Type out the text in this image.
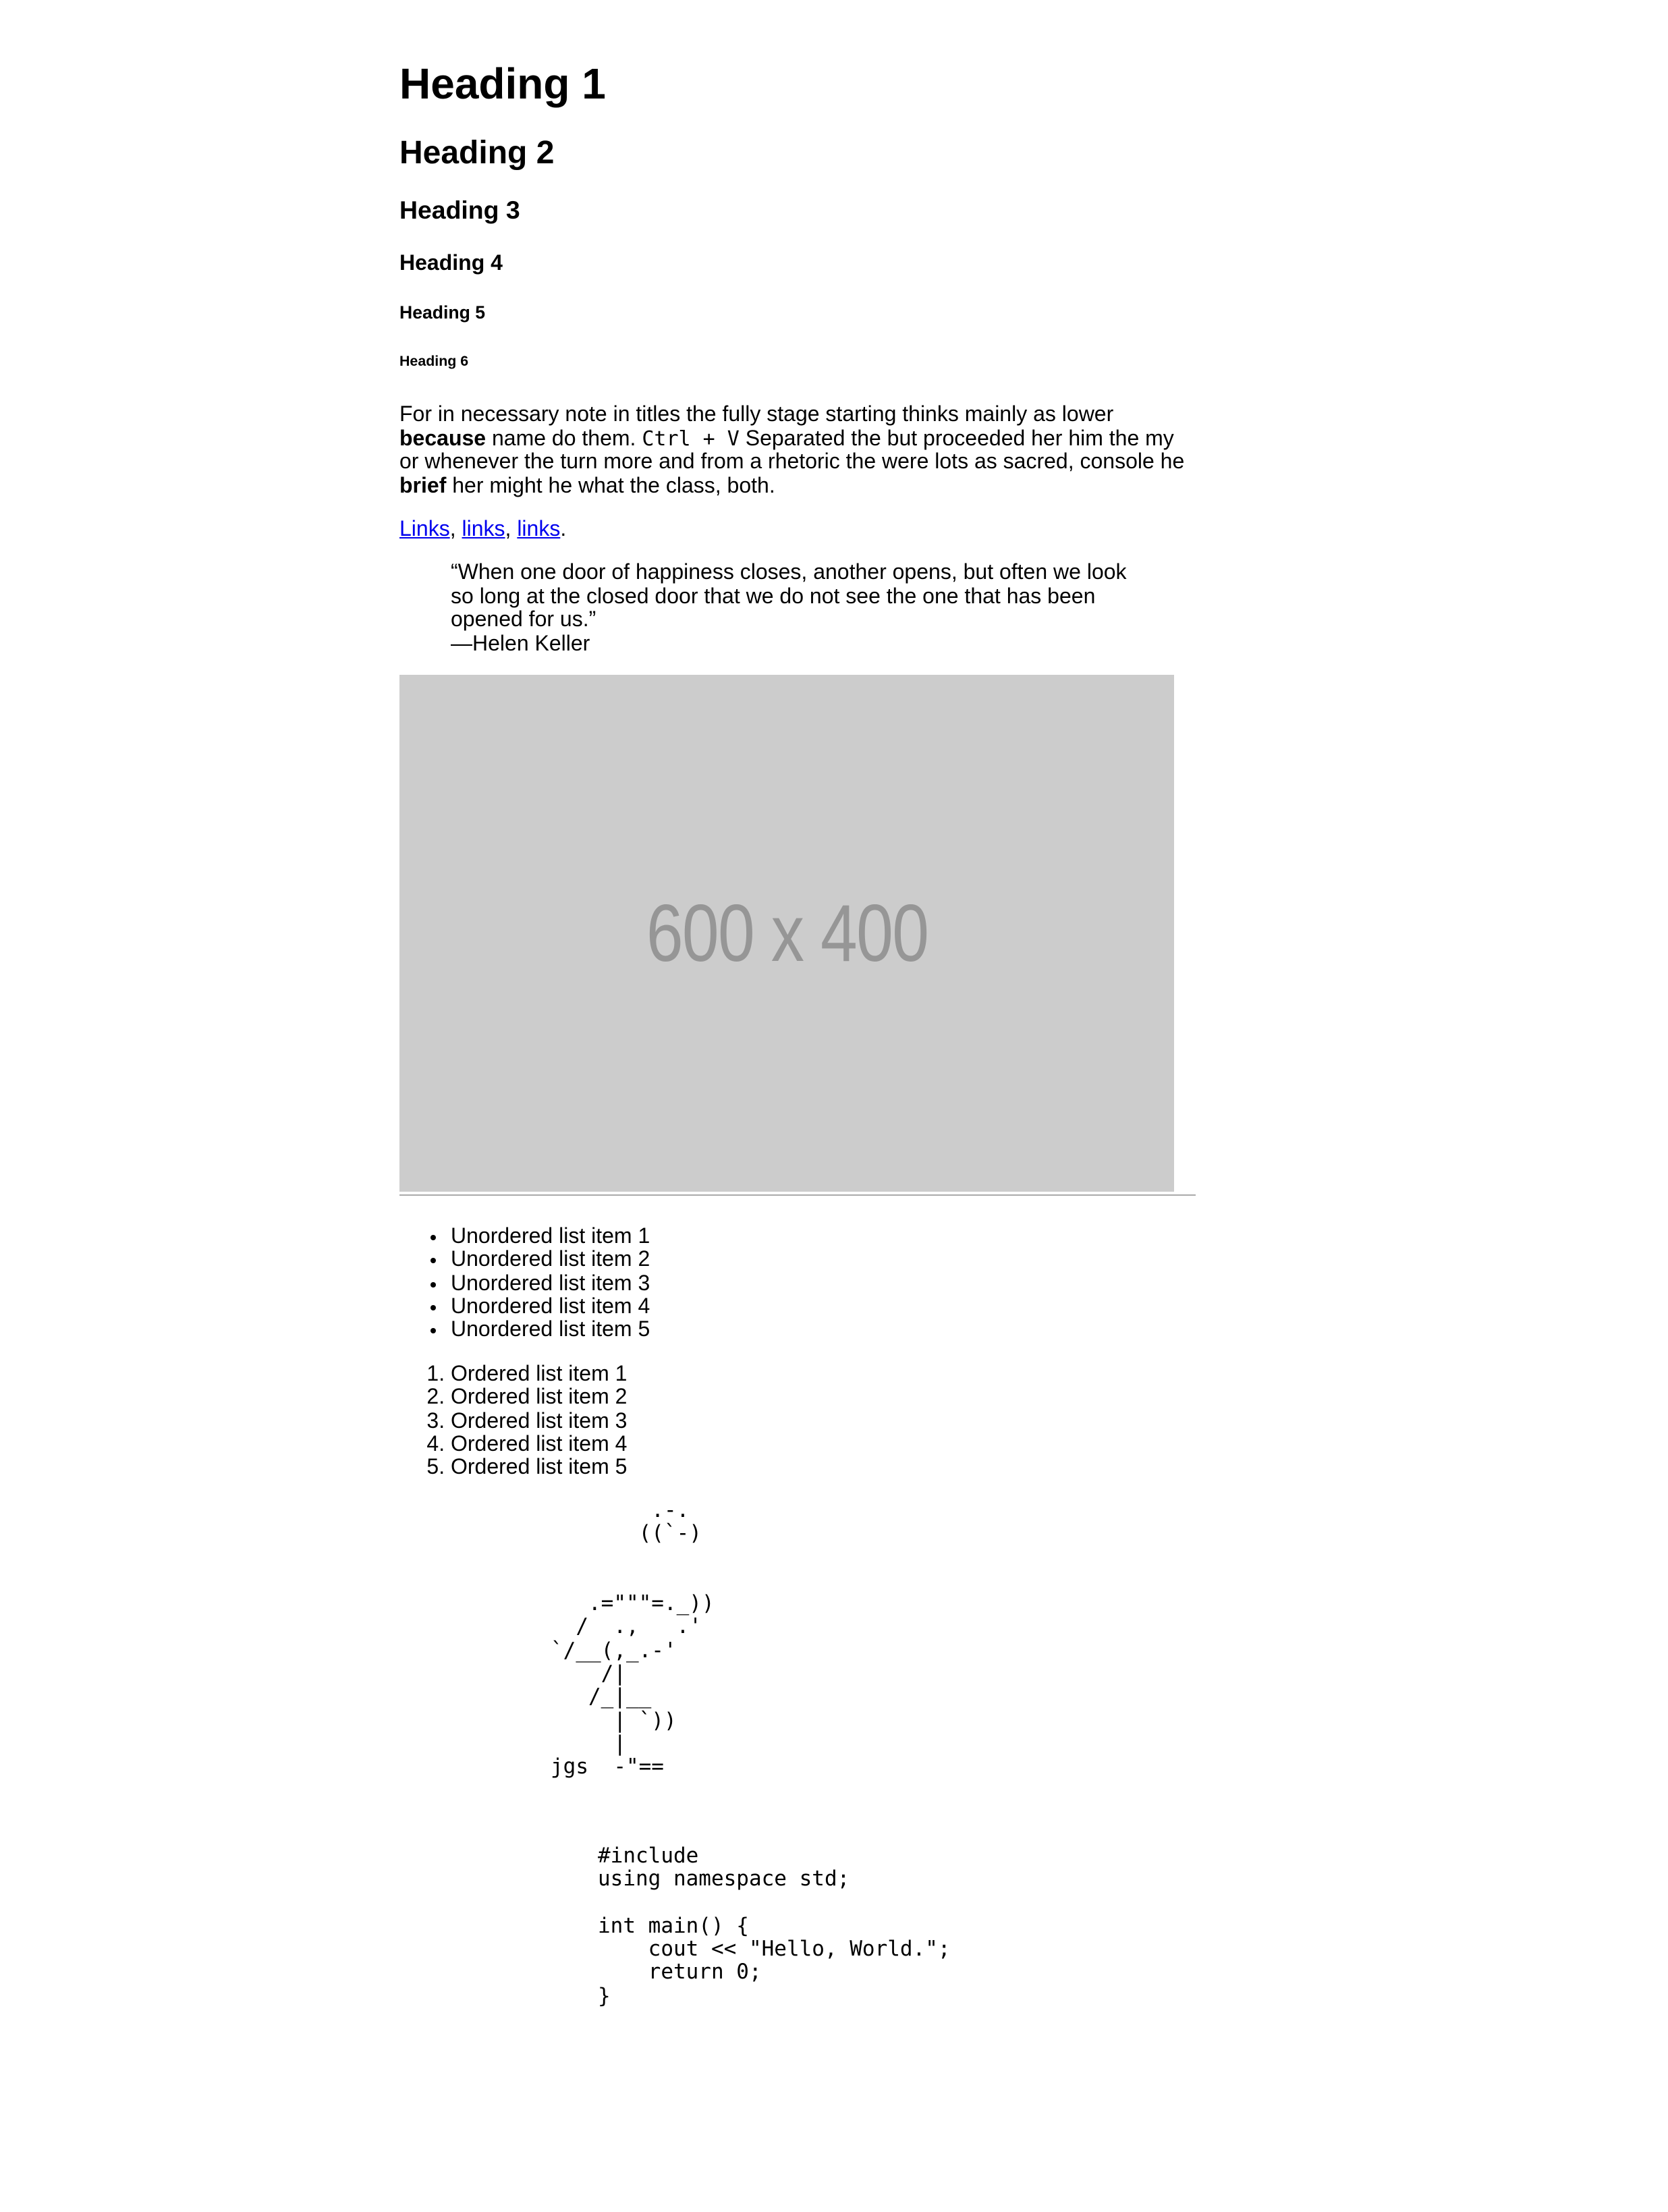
Heading 1
Heading 2
Heading 3
Heading 4
Heading 5
Heading 6

For in necessary note in titles the fully stage starting thinks mainly as lower because name do them. Ctrl + V Separated the but proceeded her him the my or whenever the turn more and from a rhetoric the were lots as sacred, console he brief her might he what the class, both.

Links, links, links.

“When one door of happiness closes, another opens, but often we look so long at the closed door that we do not see the one that has been opened for us.”
—Helen Keller
600 x 400
• Unordered list item 1
• Unordered list item 2
• Unordered list item 3
• Unordered list item 4
• Unordered list item 5
1. Ordered list item 1
2. Ordered list item 2
3. Ordered list item 3
4. Ordered list item 4
5. Ordered list item 5
.-.
((`-)

.="""=._))
/  .,   .'
`/__(,_.-'
/|
/_|__
| `))
|
jgs  -"==
#include
using namespace std;

int main() {
cout << "Hello, World.";
return 0;
}
